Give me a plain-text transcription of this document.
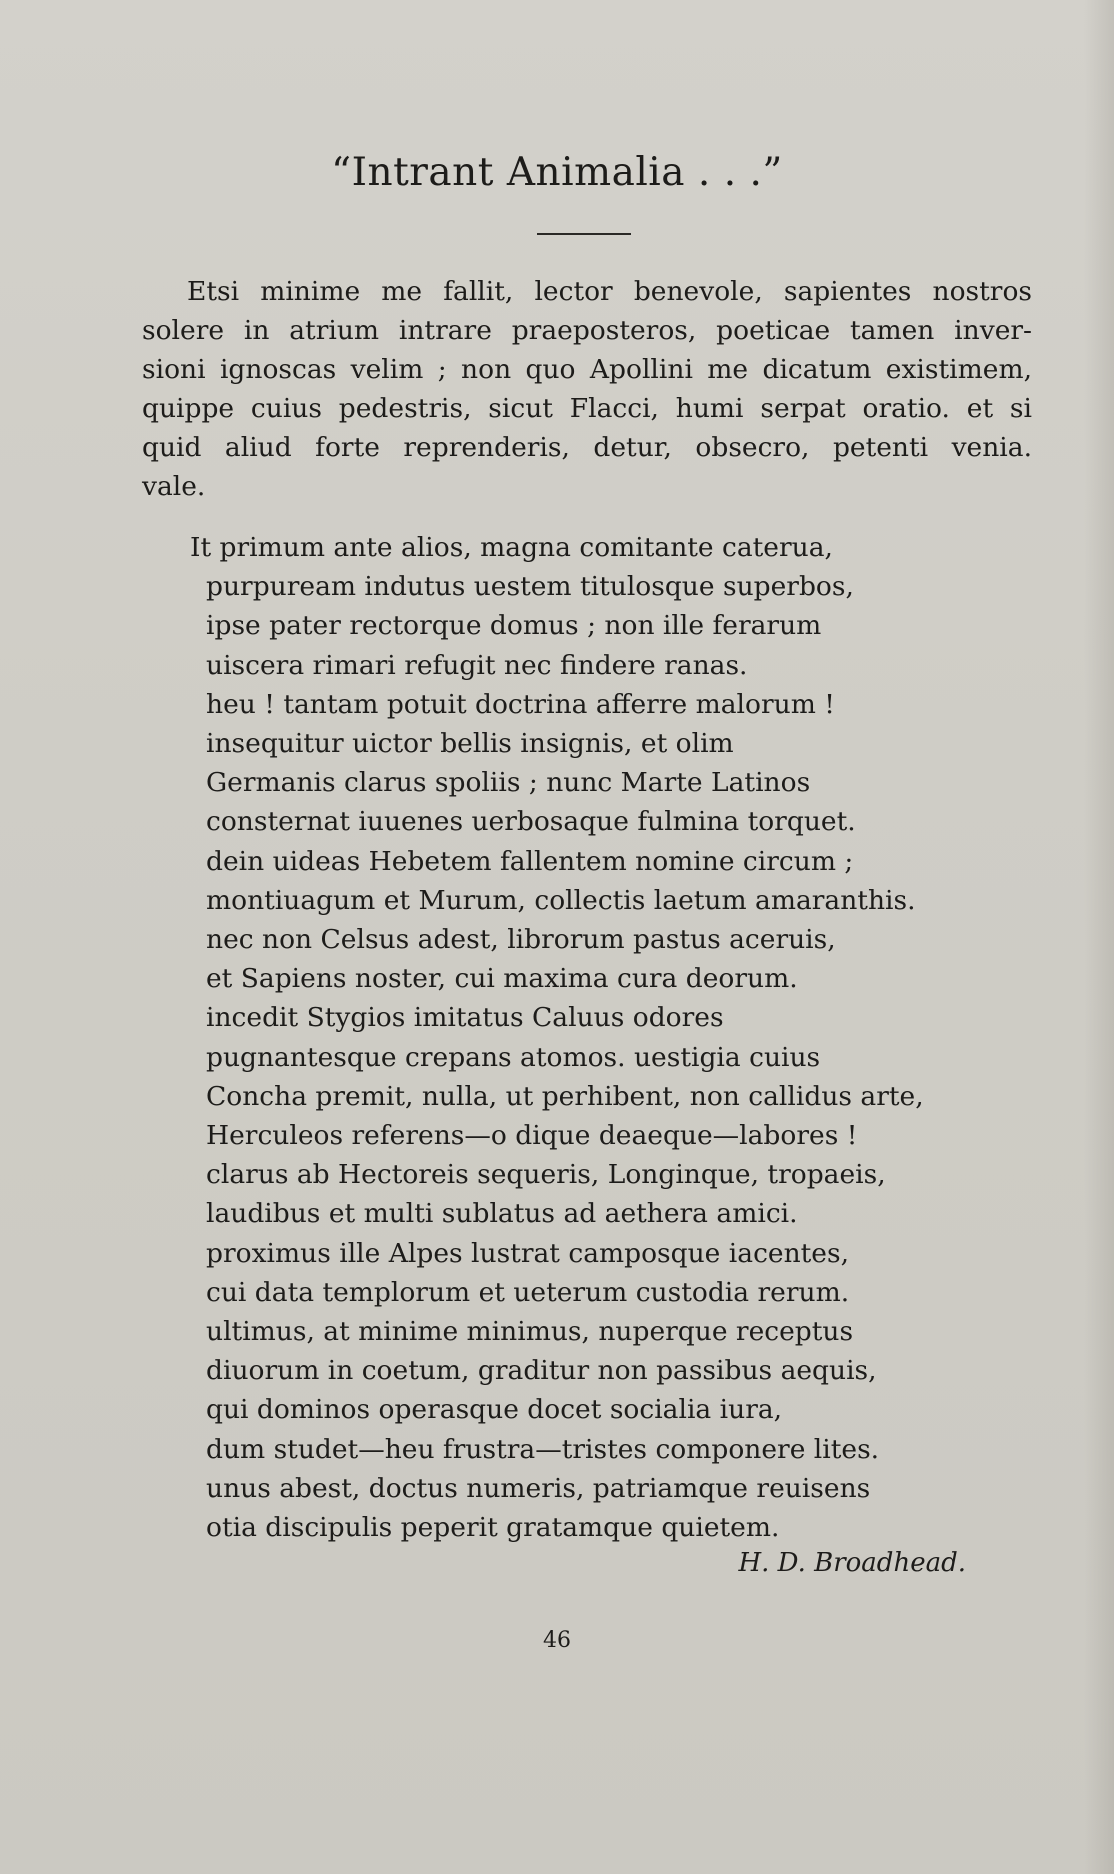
“Intrant Animalia . . .”
Etsi minime me fallit, lector benevole, sapientes nostros
solere in atrium intrare praeposteros, poeticae tamen inver-
sioni ignoscas velim ; non quo Apollini me dicatum existimem,
quippe cuius pedestris, sicut Flacci, humi serpat oratio. et si
quid aliud forte reprenderis, detur, obsecro, petenti venia.
vale.
It primum ante alios, magna comitante caterua,
purpuream indutus uestem titulosque superbos,
ipse pater rectorque domus ; non ille ferarum
uiscera rimari refugit nec findere ranas.
heu ! tantam potuit doctrina afferre malorum !
insequitur uictor bellis insignis, et olim
Germanis clarus spoliis ; nunc Marte Latinos
consternat iuuenes uerbosaque fulmina torquet.
dein uideas Hebetem fallentem nomine circum ;
montiuagum et Murum, collectis laetum amaranthis.
nec non Celsus adest, librorum pastus aceruis,
et Sapiens noster, cui maxima cura deorum.
incedit Stygios imitatus Caluus odores
pugnantesque crepans atomos. uestigia cuius
Concha premit, nulla, ut perhibent, non callidus arte,
Herculeos referens—o dique deaeque—labores !
clarus ab Hectoreis sequeris, Longinque, tropaeis,
laudibus et multi sublatus ad aethera amici.
proximus ille Alpes lustrat camposque iacentes,
cui data templorum et ueterum custodia rerum.
ultimus, at minime minimus, nuperque receptus
diuorum in coetum, graditur non passibus aequis,
qui dominos operasque docet socialia iura,
dum studet—heu frustra—tristes componere lites.
unus abest, doctus numeris, patriamque reuisens
otia discipulis peperit gratamque quietem.

H. D. Broadhead.

46
